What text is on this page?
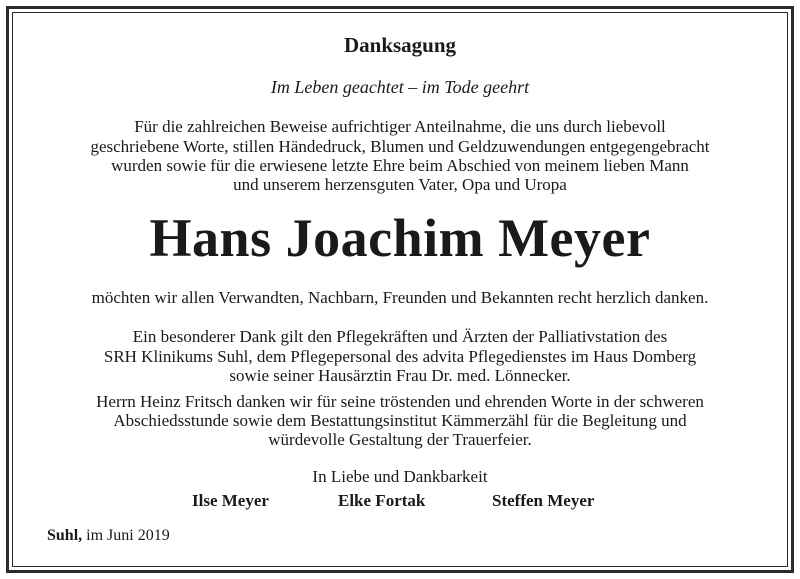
Danksagung
Im Leben geachtet – im Tode geehrt
Für die zahlreichen Beweise aufrichtiger Anteilnahme, die uns durch liebevoll
geschriebene Worte, stillen Händedruck, Blumen und Geldzuwendungen entgegengebracht
wurden sowie für die erwiesene letzte Ehre beim Abschied von meinem lieben Mann
und unserem herzensguten Vater, Opa und Uropa
Hans Joachim Meyer
möchten wir allen Verwandten, Nachbarn, Freunden und Bekannten recht herzlich danken.
Ein besonderer Dank gilt den Pflegekräften und Ärzten der Palliativstation des
SRH Klinikums Suhl, dem Pflegepersonal des advita Pflegedienstes im Haus Domberg
sowie seiner Hausärztin Frau Dr. med. Lönnecker.
Herrn Heinz Fritsch danken wir für seine tröstenden und ehrenden Worte in der schweren
Abschiedsstunde sowie dem Bestattungsinstitut Kämmerzähl für die Begleitung und
würdevolle Gestaltung der Trauerfeier.
In Liebe und Dankbarkeit
Ilse Meyer	Elke Fortak	Steffen Meyer
Suhl, im Juni 2019
